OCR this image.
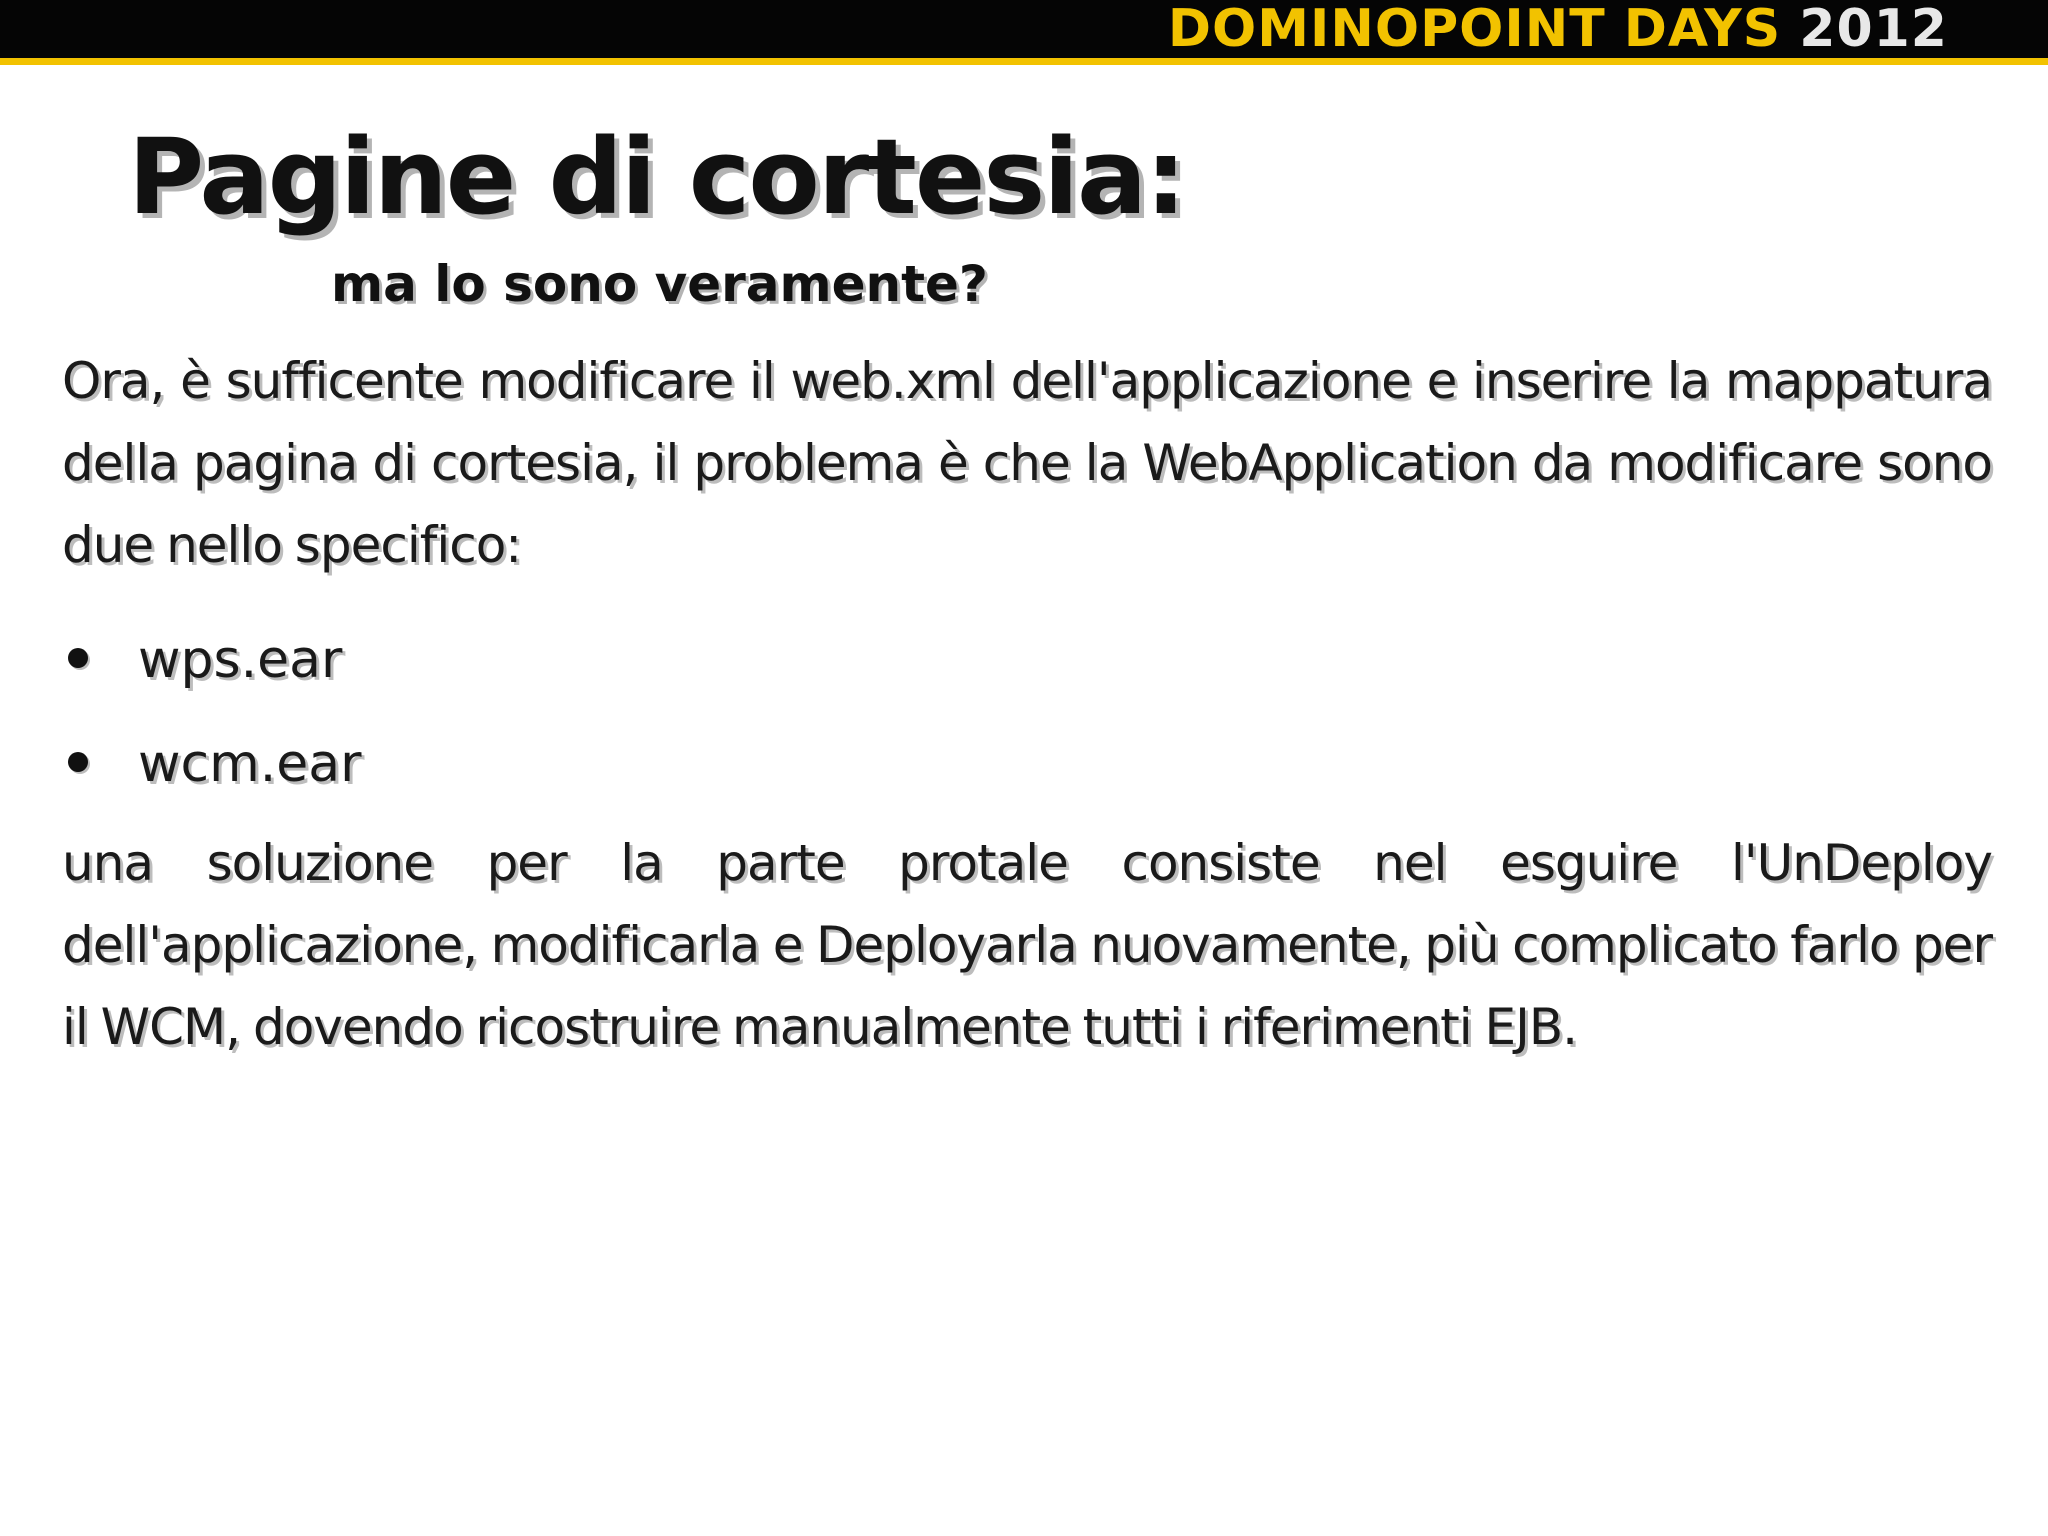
DOMINOPOINT DAYS 2012
Pagine di cortesia:
ma lo sono veramente?
Ora, è sufficente modificare il web.xml dell'applicazione e inserire la mappatura della pagina di cortesia, il problema è che la WebApplication da modificare sono due nello specifico:
wps.ear
wcm.ear
una soluzione per la parte protale consiste nel esguire l'UnDeploy dell'applicazione, modificarla e Deployarla nuovamente, più complicato farlo per il WCM, dovendo ricostruire manualmente tutti i riferimenti EJB.
